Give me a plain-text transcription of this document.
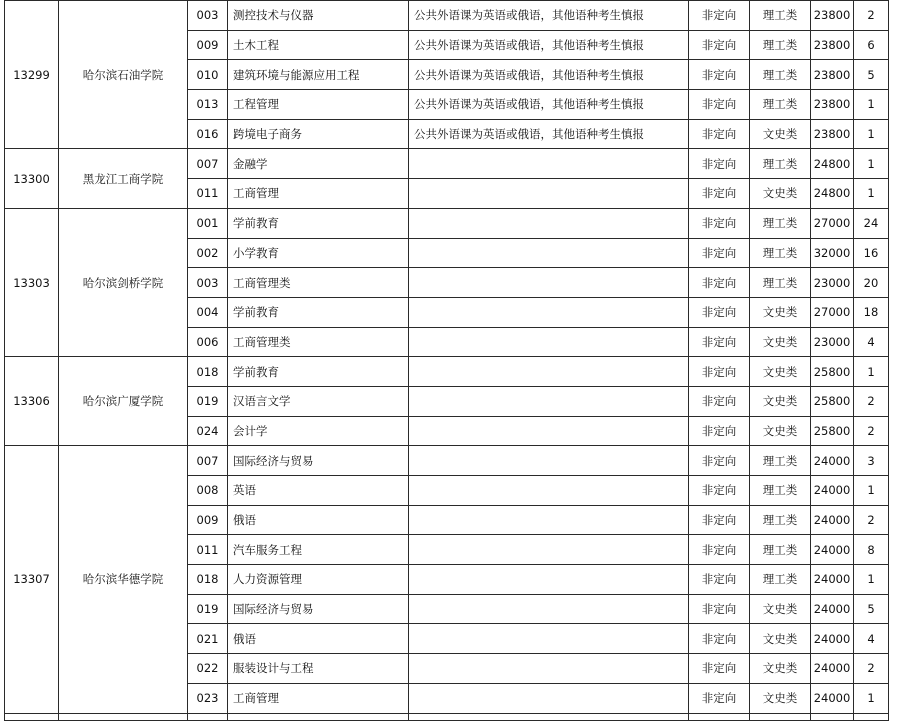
13299	哈尔滨石油学院	003	测控技术与仪器	公共外语课为英语或俄语，其他语种考生慎报	非定向	理工类	23800	2
		009	土木工程	公共外语课为英语或俄语，其他语种考生慎报	非定向	理工类	23800	6
		010	建筑环境与能源应用工程	公共外语课为英语或俄语，其他语种考生慎报	非定向	理工类	23800	5
		013	工程管理	公共外语课为英语或俄语，其他语种考生慎报	非定向	理工类	23800	1
		016	跨境电子商务	公共外语课为英语或俄语，其他语种考生慎报	非定向	文史类	23800	1
13300	黑龙江工商学院	007	金融学		非定向	理工类	24800	1
		011	工商管理		非定向	文史类	24800	1
13303	哈尔滨剑桥学院	001	学前教育		非定向	理工类	27000	24
		002	小学教育		非定向	理工类	32000	16
		003	工商管理类		非定向	理工类	23000	20
		004	学前教育		非定向	文史类	27000	18
		006	工商管理类		非定向	文史类	23000	4
13306	哈尔滨广厦学院	018	学前教育		非定向	文史类	25800	1
		019	汉语言文学		非定向	文史类	25800	2
		024	会计学		非定向	文史类	25800	2
13307	哈尔滨华德学院	007	国际经济与贸易		非定向	理工类	24000	3
		008	英语		非定向	理工类	24000	1
		009	俄语		非定向	理工类	24000	2
		011	汽车服务工程		非定向	理工类	24000	8
		018	人力资源管理		非定向	理工类	24000	1
		019	国际经济与贸易		非定向	文史类	24000	5
		021	俄语		非定向	文史类	24000	4
		022	服装设计与工程		非定向	文史类	24000	2
		023	工商管理		非定向	文史类	24000	1
